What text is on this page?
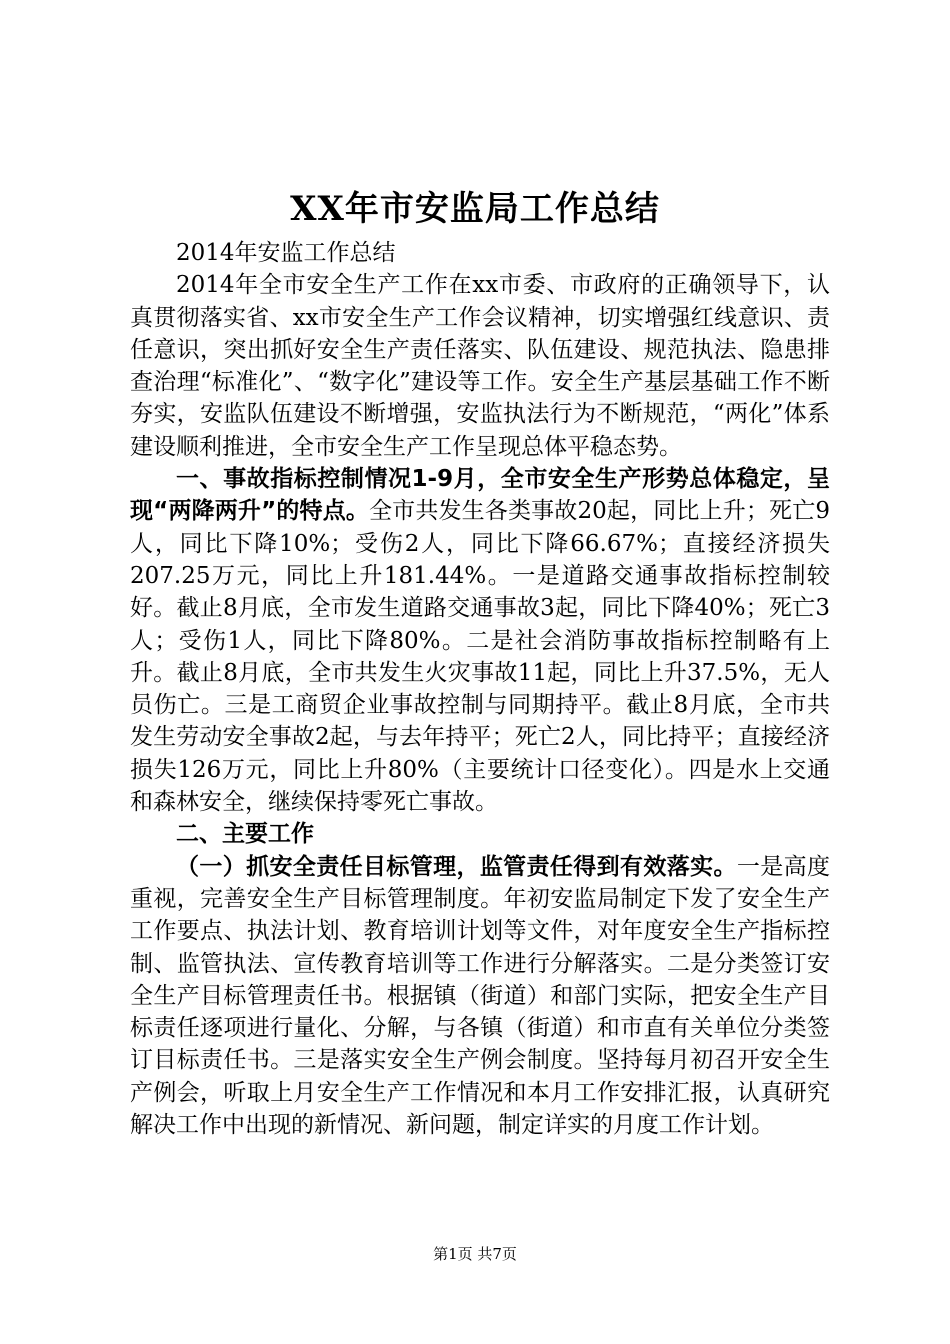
XX年市安监局工作总结

2014年安监工作总结

2014年全市安全生产工作在xx市委、市政府的正确领导下，认真贯彻落实省、xx市安全生产工作会议精神，切实增强红线意识、责任意识，突出抓好安全生产责任落实、队伍建设、规范执法、隐患排查治理“标准化”、“数字化”建设等工作。安全生产基层基础工作不断夯实，安监队伍建设不断增强，安监执法行为不断规范，“两化”体系建设顺利推进，全市安全生产工作呈现总体平稳态势。

一、事故指标控制情况1-9月，全市安全生产形势总体稳定，呈现“两降两升”的特点。全市共发生各类事故20起，同比上升；死亡9人，同比下降10%；受伤2人，同比下降66.67%；直接经济损失207.25万元，同比上升181.44%。一是道路交通事故指标控制较好。截止8月底，全市发生道路交通事故3起，同比下降40%；死亡3人；受伤1人，同比下降80%。二是社会消防事故指标控制略有上升。截止8月底，全市共发生火灾事故11起，同比上升37.5%，无人员伤亡。三是工商贸企业事故控制与同期持平。截止8月底，全市共发生劳动安全事故2起，与去年持平；死亡2人，同比持平；直接经济损失126万元，同比上升80%（主要统计口径变化）。四是水上交通和森林安全，继续保持零死亡事故。

二、主要工作

（一）抓安全责任目标管理，监管责任得到有效落实。一是高度重视，完善安全生产目标管理制度。年初安监局制定下发了安全生产工作要点、执法计划、教育培训计划等文件，对年度安全生产指标控制、监管执法、宣传教育培训等工作进行分解落实。二是分类签订安全生产目标管理责任书。根据镇（街道）和部门实际，把安全生产目标责任逐项进行量化、分解，与各镇（街道）和市直有关单位分类签订目标责任书。三是落实安全生产例会制度。坚持每月初召开安全生产例会，听取上月安全生产工作情况和本月工作安排汇报，认真研究解决工作中出现的新情况、新问题，制定详实的月度工作计划。

第1页 共7页
